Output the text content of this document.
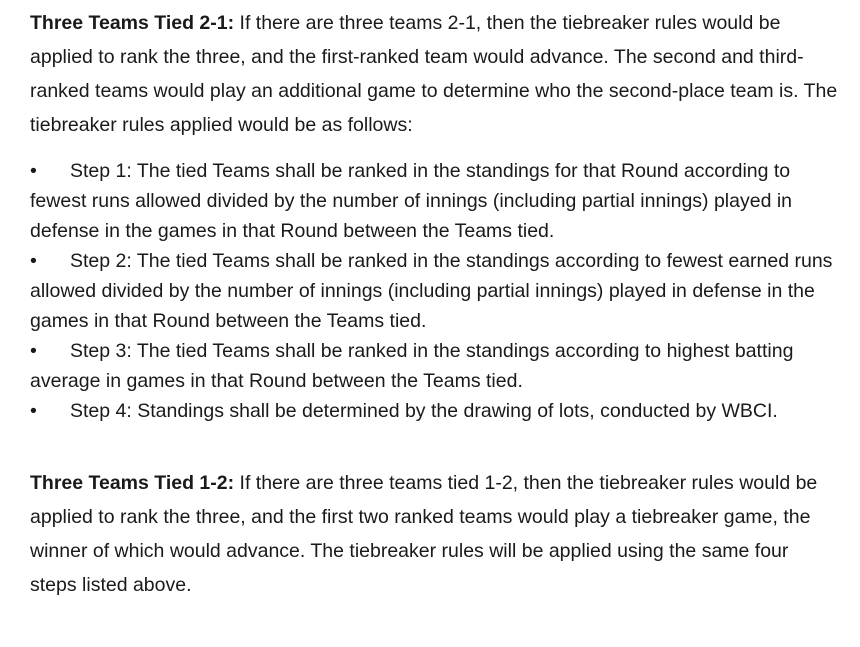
Three Teams Tied 2-1: If there are three teams 2-1, then the tiebreaker rules would be applied to rank the three, and the first-ranked team would advance. The second and third-ranked teams would play an additional game to determine who the second-place team is. The tiebreaker rules applied would be as follows:

•Step 1: The tied Teams shall be ranked in the standings for that Round according to fewest runs allowed divided by the number of innings (including partial innings) played in defense in the games in that Round between the Teams tied.
•Step 2: The tied Teams shall be ranked in the standings according to fewest earned runs allowed divided by the number of innings (including partial innings) played in defense in the games in that Round between the Teams tied.
•Step 3: The tied Teams shall be ranked in the standings according to highest batting average in games in that Round between the Teams tied.
•Step 4: Standings shall be determined by the drawing of lots, conducted by WBCI.

Three Teams Tied 1-2: If there are three teams tied 1-2, then the tiebreaker rules would be applied to rank the three, and the first two ranked teams would play a tiebreaker game, the winner of which would advance. The tiebreaker rules will be applied using the same four steps listed above.
